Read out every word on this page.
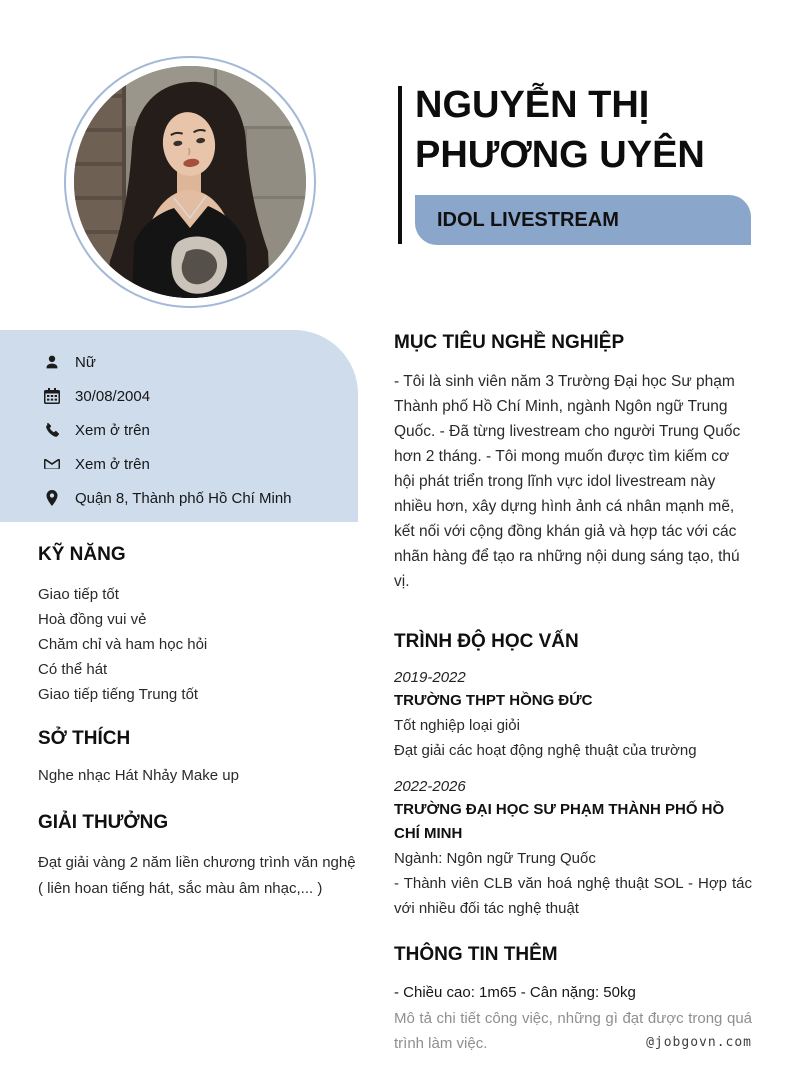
Nữ
30/08/2004
Xem ở trên
Xem ở trên
Quận 8, Thành phố Hồ Chí Minh
KỸ NĂNG
Giao tiếp tốt
Hoà đồng vui vẻ
Chăm chỉ và ham học hỏi
Có thể hát
Giao tiếp tiếng Trung tốt
SỞ THÍCH
Nghe nhạc Hát Nhảy Make up
GIẢI THƯỞNG
Đạt giải vàng 2 năm liền chương trình văn nghệ ( liên hoan tiếng hát, sắc màu âm nhạc,... )
NGUYỄN THỊ PHƯƠNG UYÊN
IDOL LIVESTREAM
MỤC TIÊU NGHỀ NGHIỆP
- Tôi là sinh viên năm 3 Trường Đại học Sư phạm Thành phố Hồ Chí Minh, ngành Ngôn ngữ Trung Quốc. - Đã từng livestream cho người Trung Quốc hơn 2 tháng. - Tôi mong muốn được tìm kiếm cơ hội phát triển trong lĩnh vực idol livestream này nhiều hơn, xây dựng hình ảnh cá nhân mạnh mẽ, kết nối với cộng đồng khán giả và hợp tác với các nhãn hàng để tạo ra những nội dung sáng tạo, thú vị.
TRÌNH ĐỘ HỌC VẤN
2019-2022
TRƯỜNG THPT HỒNG ĐỨC
Tốt nghiệp loại giỏi
Đạt giải các hoạt động nghệ thuật của trường
2022-2026
TRƯỜNG ĐẠI HỌC SƯ PHẠM THÀNH PHỐ HỒ CHÍ MINH
Ngành: Ngôn ngữ Trung Quốc
- Thành viên CLB văn hoá nghệ thuật SOL - Hợp tác với nhiều đối tác nghệ thuật
THÔNG TIN THÊM
- Chiều cao: 1m65 - Cân nặng: 50kg
Mô tả chi tiết công việc, những gì đạt được trong quá trình làm việc.	@jobgovn.com
